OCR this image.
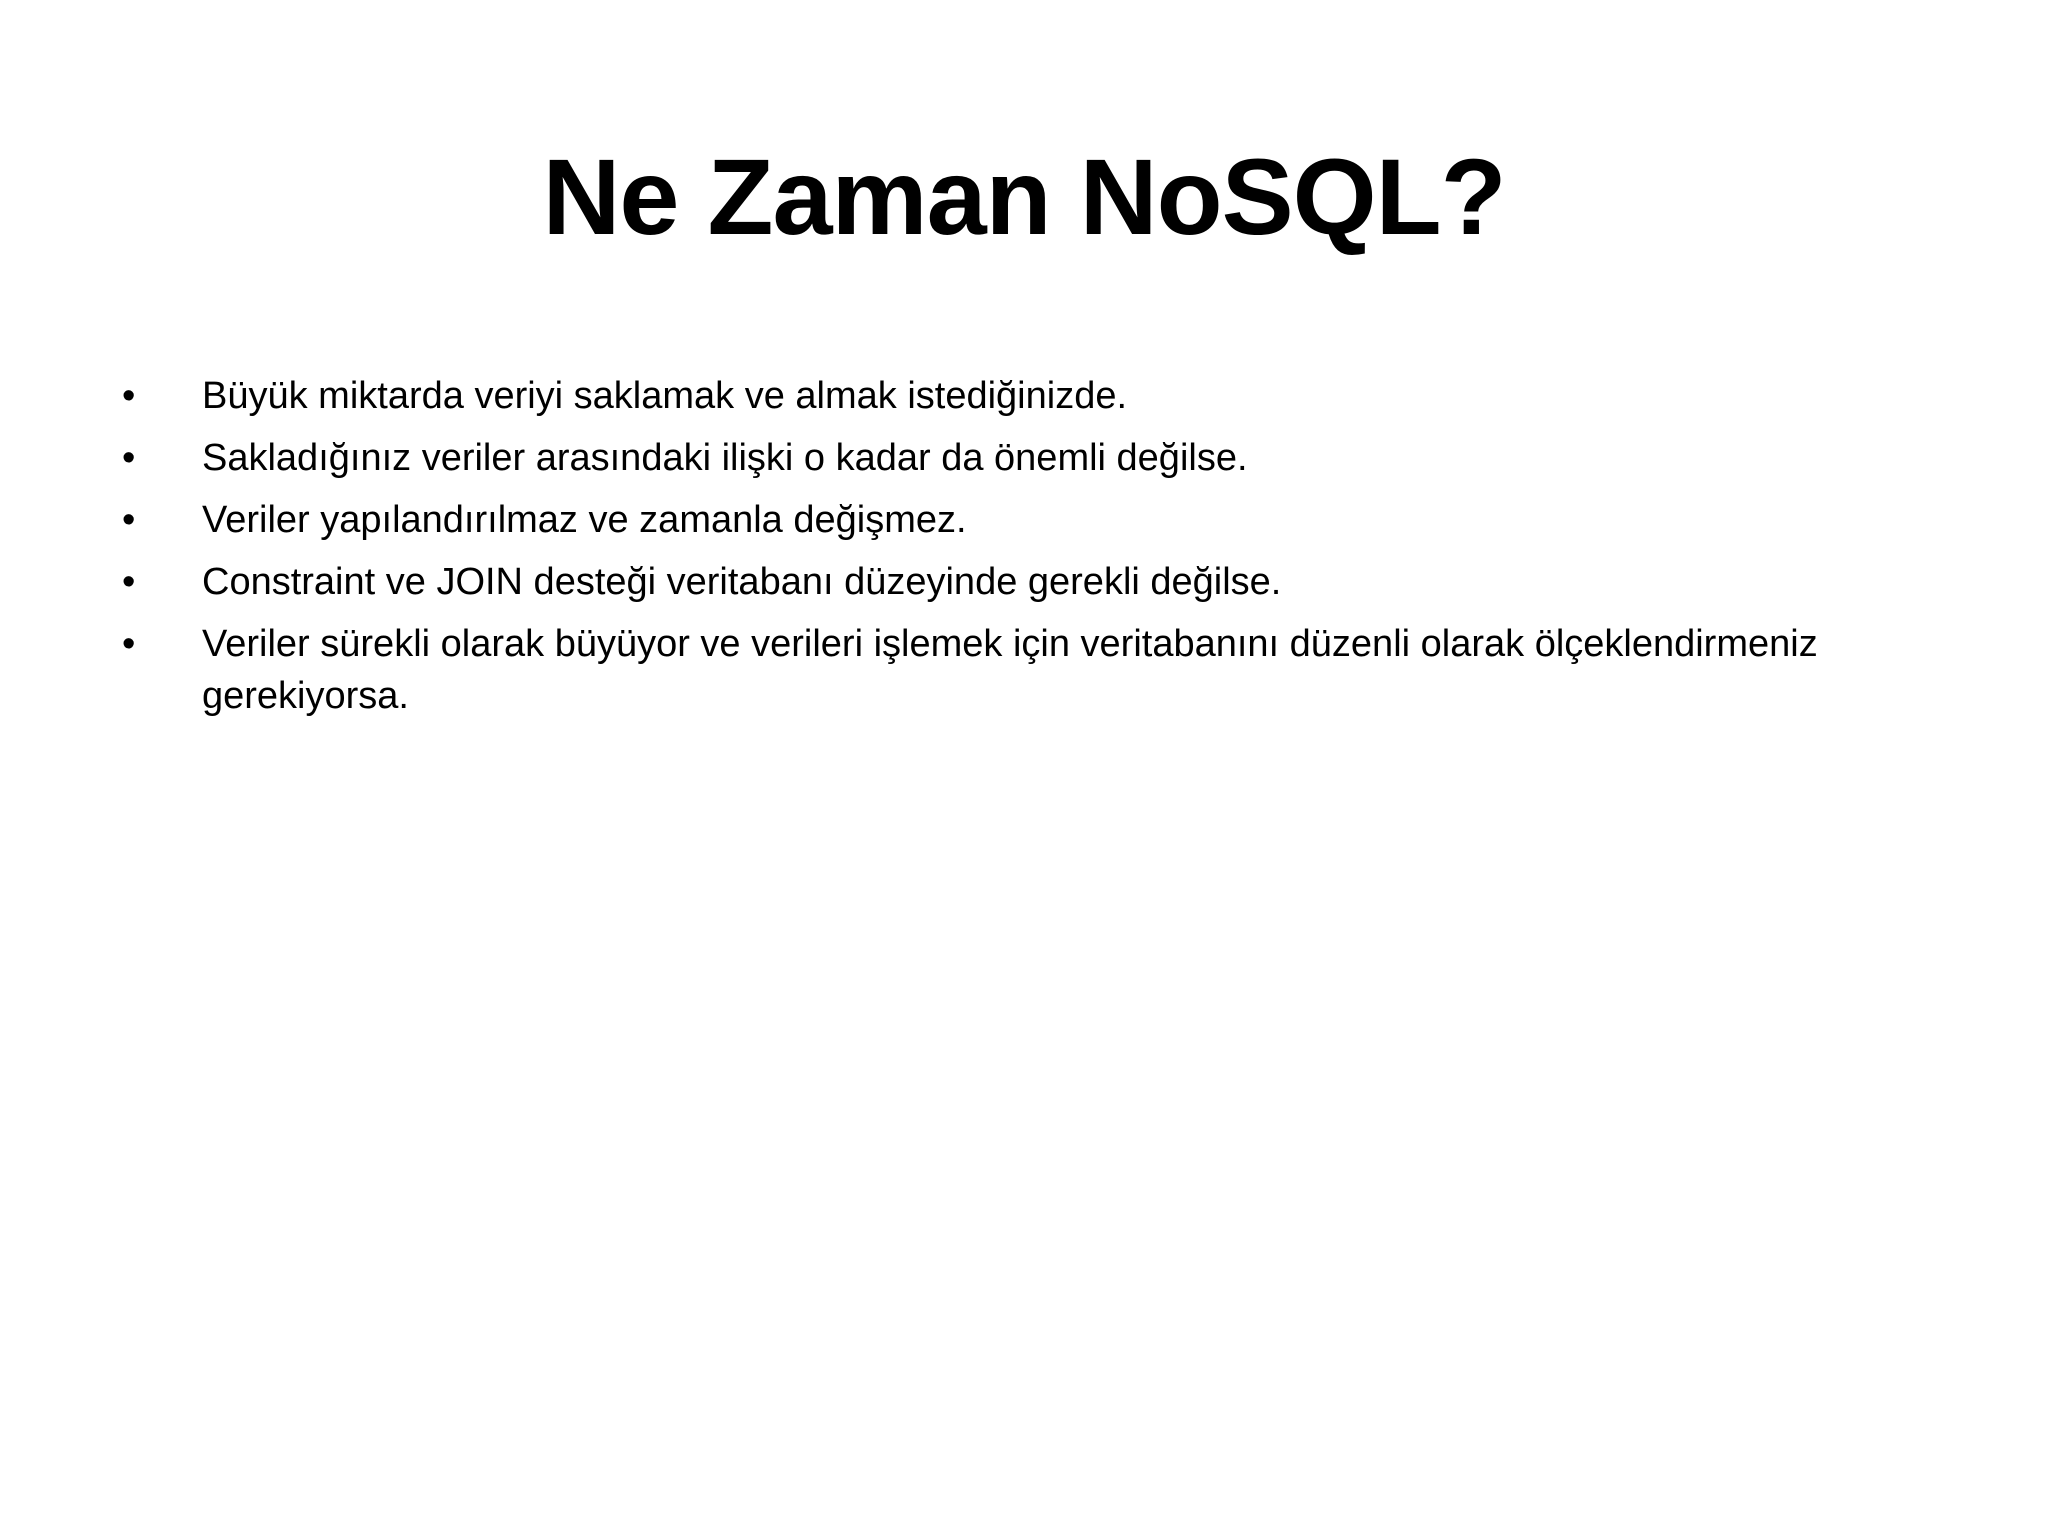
Ne Zaman NoSQL?
•	Büyük miktarda veriyi saklamak ve almak istediğinizde.
•	Sakladığınız veriler arasındaki ilişki o kadar da önemli değilse.
•	Veriler yapılandırılmaz ve zamanla değişmez.
•	Constraint ve JOIN desteği veritabanı düzeyinde gerekli değilse.
•	Veriler sürekli olarak büyüyor ve verileri işlemek için veritabanını düzenli olarak ölçeklendirmeniz gerekiyorsa.
